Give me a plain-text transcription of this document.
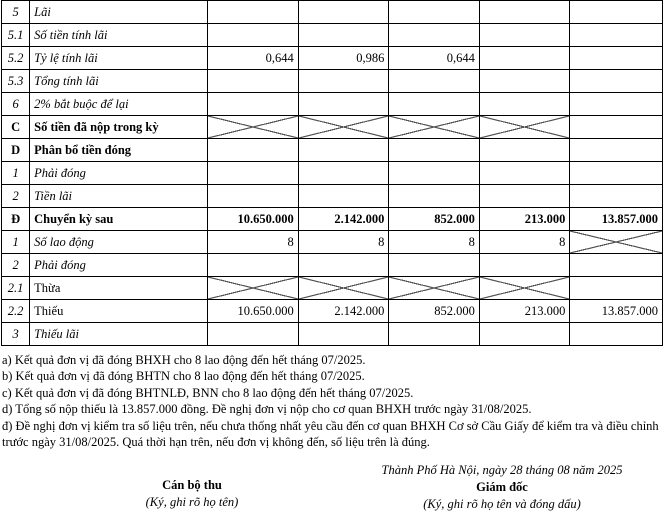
5	Lãi					
5.1	Số tiền tính lãi					
5.2	Tỷ lệ tính lãi	0,644	0,986	0,644		
5.3	Tổng tính lãi					
6	2% bắt buộc để lại					
C	Số tiền đã nộp trong kỳ					
D	Phân bổ tiền đóng					
1	Phải đóng					
2	Tiền lãi					
Đ	Chuyển kỳ sau	10.650.000	2.142.000	852.000	213.000	13.857.000
1	Số lao động	8	8	8	8	
2	Phải đóng					
2.1	Thừa					
2.2	Thiếu	10.650.000	2.142.000	852.000	213.000	13.857.000
3	Thiếu lãi					
a) Kết quả đơn vị đã đóng BHXH cho 8 lao động đến hết tháng 07/2025.
b) Kết quả đơn vị đã đóng BHTN cho 8 lao động đến hết tháng 07/2025.
c) Kết quả đơn vị đã đóng BHTNLĐ, BNN cho 8 lao động đến hết tháng 07/2025.
d) Tổng số nộp thiếu là 13.857.000 đồng. Đề nghị đơn vị nộp cho cơ quan BHXH trước ngày 31/08/2025.
đ) Đề nghị đơn vị kiểm tra số liệu trên, nếu chưa thống nhất yêu cầu đến cơ quan BHXH Cơ sở Cầu Giấy để kiểm tra và điều chỉnh trước ngày 31/08/2025. Quá thời hạn trên, nếu đơn vị không đến, số liệu trên là đúng.
Cán bộ thu
(Ký, ghi rõ họ tên)
Thành Phố Hà Nội, ngày 28 tháng 08 năm 2025
Giám đốc
(Ký, ghi rõ họ tên và đóng dấu)
